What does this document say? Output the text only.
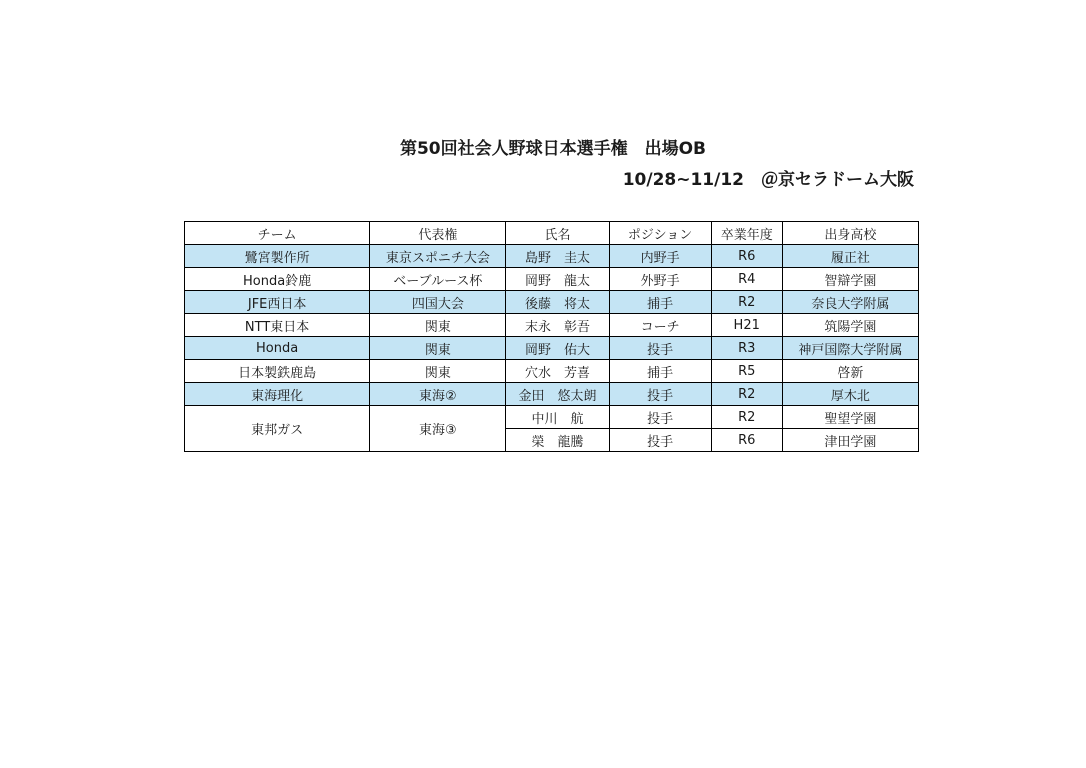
第50回社会人野球日本選手権　出場OB
10/28~11/12　＠京セラドーム大阪
チーム	代表権	氏名	ポジション	卒業年度	出身高校
鷺宮製作所	東京スポニチ大会	島野　圭太	内野手	R6	履正社
Honda鈴鹿	ベーブルース杯	岡野　龍太	外野手	R4	智辯学園
JFE西日本	四国大会	後藤　将太	捕手	R2	奈良大学附属
NTT東日本	関東	末永　彰吾	コーチ	H21	筑陽学園
Honda	関東	岡野　佑大	投手	R3	神戸国際大学附属
日本製鉄鹿島	関東	穴水　芳喜	捕手	R5	啓新
東海理化	東海②	金田　悠太朗	投手	R2	厚木北
東邦ガス	東海③	中川　航	投手	R2	聖望学園
		榮　龍騰	投手	R6	津田学園
